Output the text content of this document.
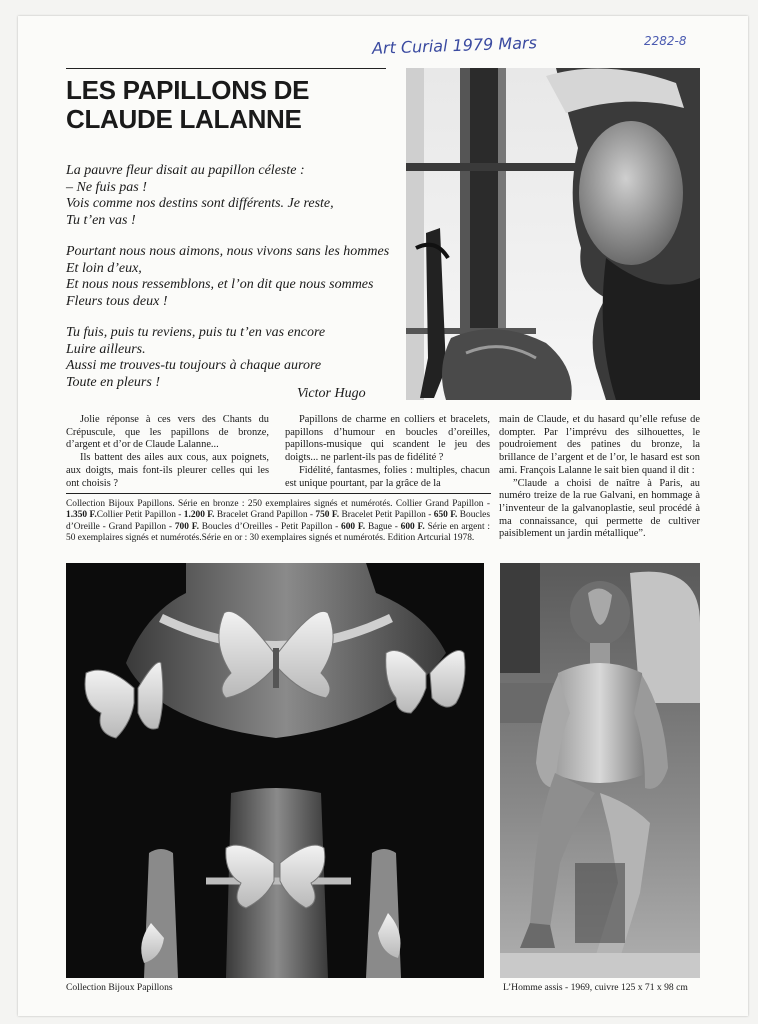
Art Curial 1979 Mars	2282-8
LES PAPILLONS DE
CLAUDE LALANNE
La pauvre fleur disait au papillon céleste :
– Ne fuis pas !
Vois comme nos destins sont différents. Je reste,
Tu t’en vas !
Pourtant nous nous aimons, nous vivons sans les hommes
Et loin d’eux,
Et nous nous ressemblons, et l’on dit que nous sommes
Fleurs tous deux !
Tu fuis, puis tu reviens, puis tu t’en vas encore
Luire ailleurs.
Aussi me trouves-tu toujours à chaque aurore
Toute en pleurs !
Victor Hugo

Jolie réponse à ces vers des Chants du Crépuscule, que les papillons de bronze, d’argent et d’or de Claude Lalanne...

Ils battent des ailes aux cous, aux poignets, aux doigts, mais font-ils pleurer celles qui les ont choisis ?

Papillons de charme en colliers et bracelets, papillons d’humour en boucles d’oreilles, papillons-musique qui scandent le jeu des doigts... ne parlent-ils pas de fidélité ?

Fidélité, fantasmes, folies : multiples, chacun est unique pourtant, par la grâce de la

main de Claude, et du hasard qu’elle refuse de dompter. Par l’imprévu des silhouettes, le poudroiement des patines du bronze, la brillance de l’argent et de l’or, le hasard est son ami. François Lalanne le sait bien quand il dit :

”Claude a choisi de naître à Paris, au numéro treize de la rue Galvani, en hommage à l’inventeur de la galvanoplastie, seul procédé à ma connaissance, qui permette de cultiver paisiblement un jardin métallique”.

Collection Bijoux Papillons. Série en bronze : 250 exemplaires signés et numérotés. Collier Grand Papillon - 1.350 F.Collier Petit Papillon - 1.200 F. Bracelet Grand Papillon - 750 F. Bracelet Petit Papillon - 650 F. Boucles d’Oreille - Grand Papillon - 700 F. Boucles d’Oreilles - Petit Papillon - 600 F. Bague - 600 F. Série en argent : 50 exemplaires signés et numérotés.Série en or : 30 exemplaires signés et numérotés. Edition Artcurial 1978.
Collection Bijoux Papillons	L’Homme assis - 1969, cuivre 125 x 71 x 98 cm
